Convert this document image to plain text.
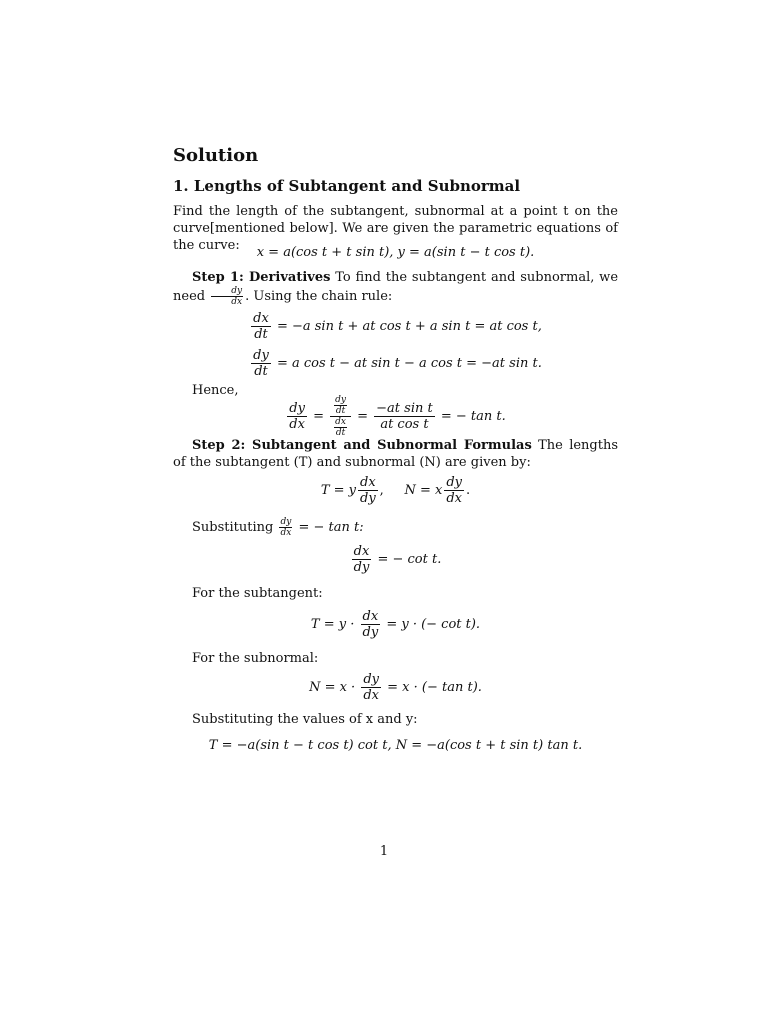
Solution
1. Lengths of Subtangent and Subnormal
Find the length of the subtangent, subnormal at a point t on the curve[mentioned below]. We are given the parametric equations of the curve:	x = a(cos t + t sin t), y = a(sin t − t cos t).
Step 1: Derivatives To find the subtangent and subnormal, we need $\frac{dy}{dx}$ . Using the chain rule:
$\frac{dx}{dt} = -a$ sin t + at cos t + a sin t = at cos t,
$\frac{dy}{dt} = a$ cos t − at sin t − a cos t = −at sin t.
Hence,
$\frac{dy}{dx} = \frac{\frac{dy}{dt}}{\frac{dx}{dt}} = \frac{\text{−at sin t}}{\text{at cos t}}$ = − tan t.
Step 2: Subtangent and Subnormal Formulas The lengths of the subtangent (T) and subnormal (N) are given by:
T = y $\frac{dx}{dy}$ , N = x $\frac{dy}{dx}$ .
Substituting $\frac{dy}{dx}$ = − tan t:
$\frac{dx}{dy}$ = − cot t.
For the subtangent:
$T = y \cdot \frac{dx}{dy} = y$ · (− cot t).
For the subnormal:
$N = x \cdot \frac{dy}{dx} = x$ · (− tan t).
Substituting the values of x and y:
T = −a(sin t − t cos t) cot t, N = −a(cos t + t sin t) tan t.
1
